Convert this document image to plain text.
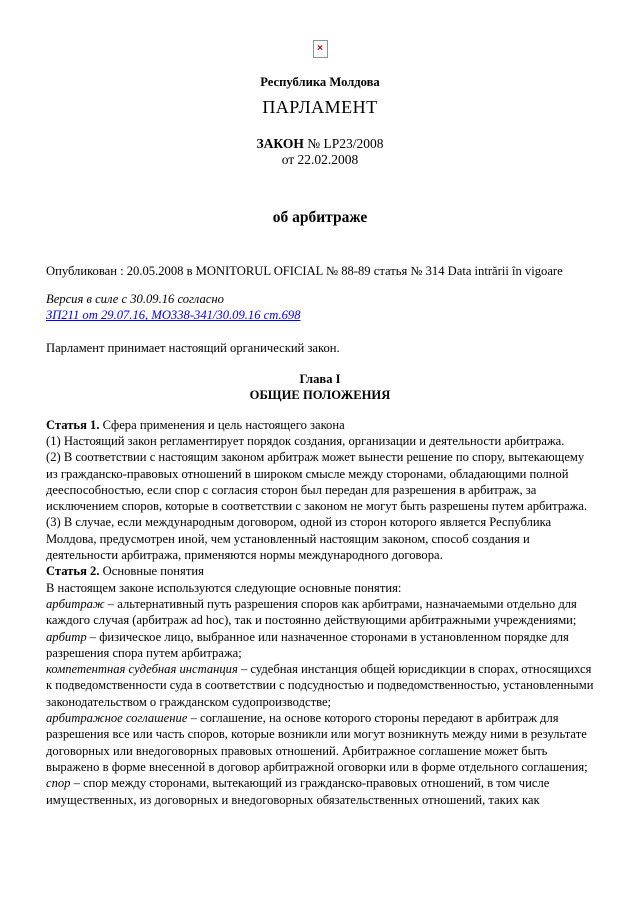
×
Республика Молдова
ПАРЛАМЕНТ
ЗАКОН № LP23/2008
от 22.02.2008
об арбитраже
Опубликован : 20.05.2008 в MONITORUL OFICIAL № 88-89 статья № 314 Data intrării în vigoare
Версия в силе с 30.09.16 согласно
ЗП211 от 29.07.16, МО338-341/30.09.16 ст.698
Парламент принимает настоящий органический закон.
Глава I
ОБЩИЕ ПОЛОЖЕНИЯ

Статья 1. Сфера применения и цель настоящего закона

(1) Настоящий закон регламентирует порядок создания, организации и деятельности арбитража.

(2) В соответствии с настоящим законом арбитраж может вынести решение по спору, вытекающему из гражданско-правовых отношений в широком смысле между сторонами, обладающими полной дееспособностью, если спор с согласия сторон был передан для разрешения в арбитраж, за исключением споров, которые в соответствии с законом не могут быть разрешены путем арбитража.

(3) В случае, если международным договором, одной из сторон которого является Республика Молдова, предусмотрен иной, чем установленный настоящим законом, способ создания и деятельности арбитража, применяются нормы международного договора.

Статья 2. Основные понятия

В настоящем законе используются следующие основные понятия:

арбитраж – альтернативный путь разрешения споров как арбитрами, назначаемыми отдельно для каждого случая (арбитраж ad hoc), так и постоянно действующими арбитражными учреждениями;

арбитр – физическое лицо, выбранное или назначенное сторонами в установленном порядке для разрешения спора путем арбитража;

компетентная судебная инстанция – судебная инстанция общей юрисдикции в спорах, относящихся к подведомственности суда в соответствии с подсудностью и подведомственностью, установленными законодательством о гражданском судопроизводстве;

арбитражное соглашение – соглашение, на основе которого стороны передают в арбитраж для разрешения все или часть споров, которые возникли или могут возникнуть между ними в результате договорных или внедоговорных правовых отношений. Арбитражное соглашение может быть выражено в форме внесенной в договор арбитражной оговорки или в форме отдельного соглашения;

спор – спор между сторонами, вытекающий из гражданско-правовых отношений, в том числе имущественных, из договорных и внедоговорных обязательственных отношений, таких как
